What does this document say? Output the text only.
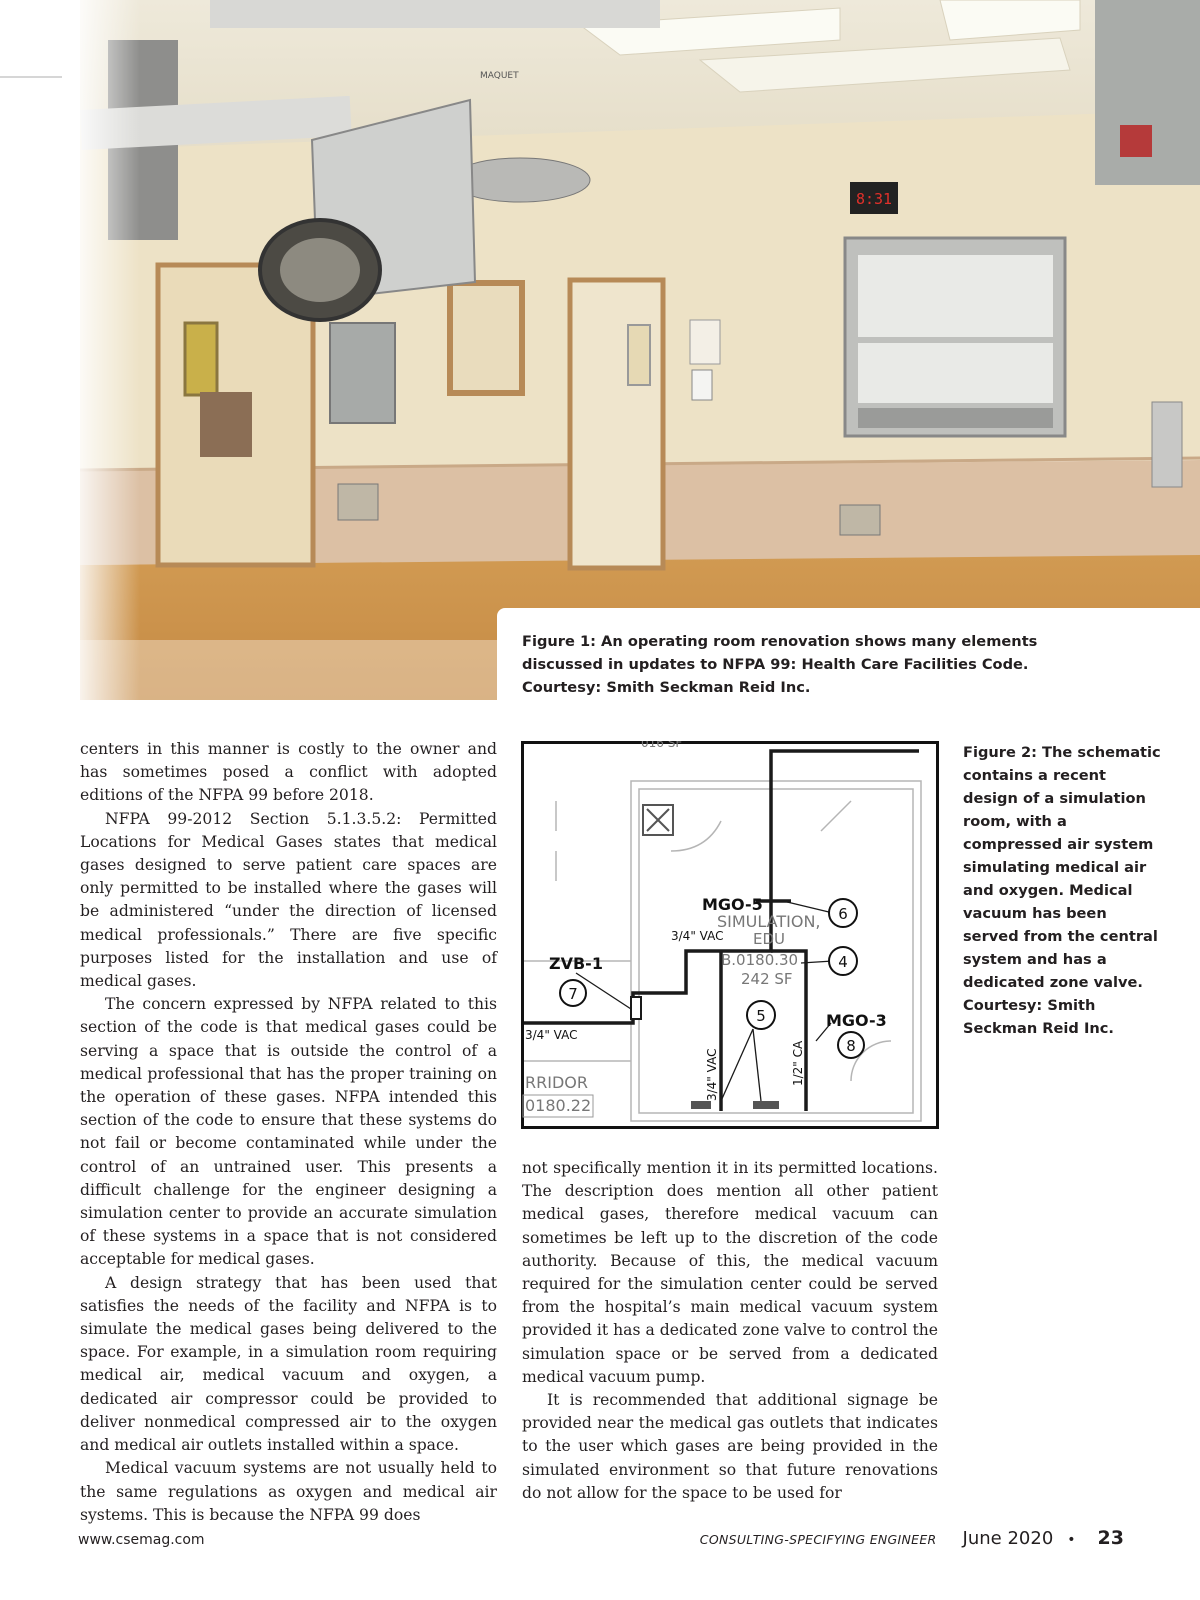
8:31
MAQUET

Figure 1: An operating room renovation shows many elements discussed in updates to NFPA 99: Health Care Facilities Code. Courtesy: Smith Seckman Reid Inc.

centers in this manner is costly to the owner and has sometimes posed a conflict with adopted editions of the NFPA 99 before 2018.

NFPA 99-2012 Section 5.1.3.5.2: Permitted Locations for Medical Gases states that medical gases designed to serve patient care spaces are only permitted to be installed where the gases will be administered “under the direction of licensed medical professionals.” There are five specific purposes listed for the installation and use of medical gases.

The concern expressed by NFPA related to this section of the code is that medical gases could be serving a space that is outside the control of a medical professional that has the proper training on the operation of these gases. NFPA intended this section of the code to ensure that these systems do not fail or become contaminated while under the control of an untrained user. This presents a difficult challenge for the engineer designing a simulation center to provide an accurate simulation of these systems in a space that is not considered acceptable for medical gases.

A design strategy that has been used that satisfies the needs of the facility and NFPA is to simulate the medical gases being delivered to the space. For example, in a simulation room requiring medical air, medical vacuum and oxygen, a dedicated air compressor could be provided to deliver nonmedical compressed air to the oxygen and medical air outlets installed within a space.

Medical vacuum systems are not usually held to the same regulations as oxygen and medical air systems. This is because the NFPA 99 does

016 SF
MGO-5
SIMULATION,
3/4" VAC EDU
B.0180.30
242 SF
ZVB-1
3/4" VAC
3/4" VAC	1/2" CA
MGO-3
RRIDOR
0180.22
6
4
7
5
8

Figure 2: The schematic contains a recent design of a simulation room, with a compressed air system simulating medical air and oxygen. Medical vacuum has been served from the central system and has a dedicated zone valve. Courtesy: Smith Seckman Reid Inc.

not specifically mention it in its permitted locations. The description does mention all other patient medical gases, therefore medical vacuum can sometimes be left up to the discretion of the code authority. Because of this, the medical vacuum required for the simulation center could be served from the hospital’s main medical vacuum system provided it has a dedicated zone valve to control the simulation space or be served from a dedicated medical vacuum pump.

It is recommended that additional signage be provided near the medical gas outlets that indicates to the user which gases are being provided in the simulated environment so that future renovations do not allow for the space to be used for

www.csemag.com	CONSULTING-SPECIFYING ENGINEER June 2020 • 23
